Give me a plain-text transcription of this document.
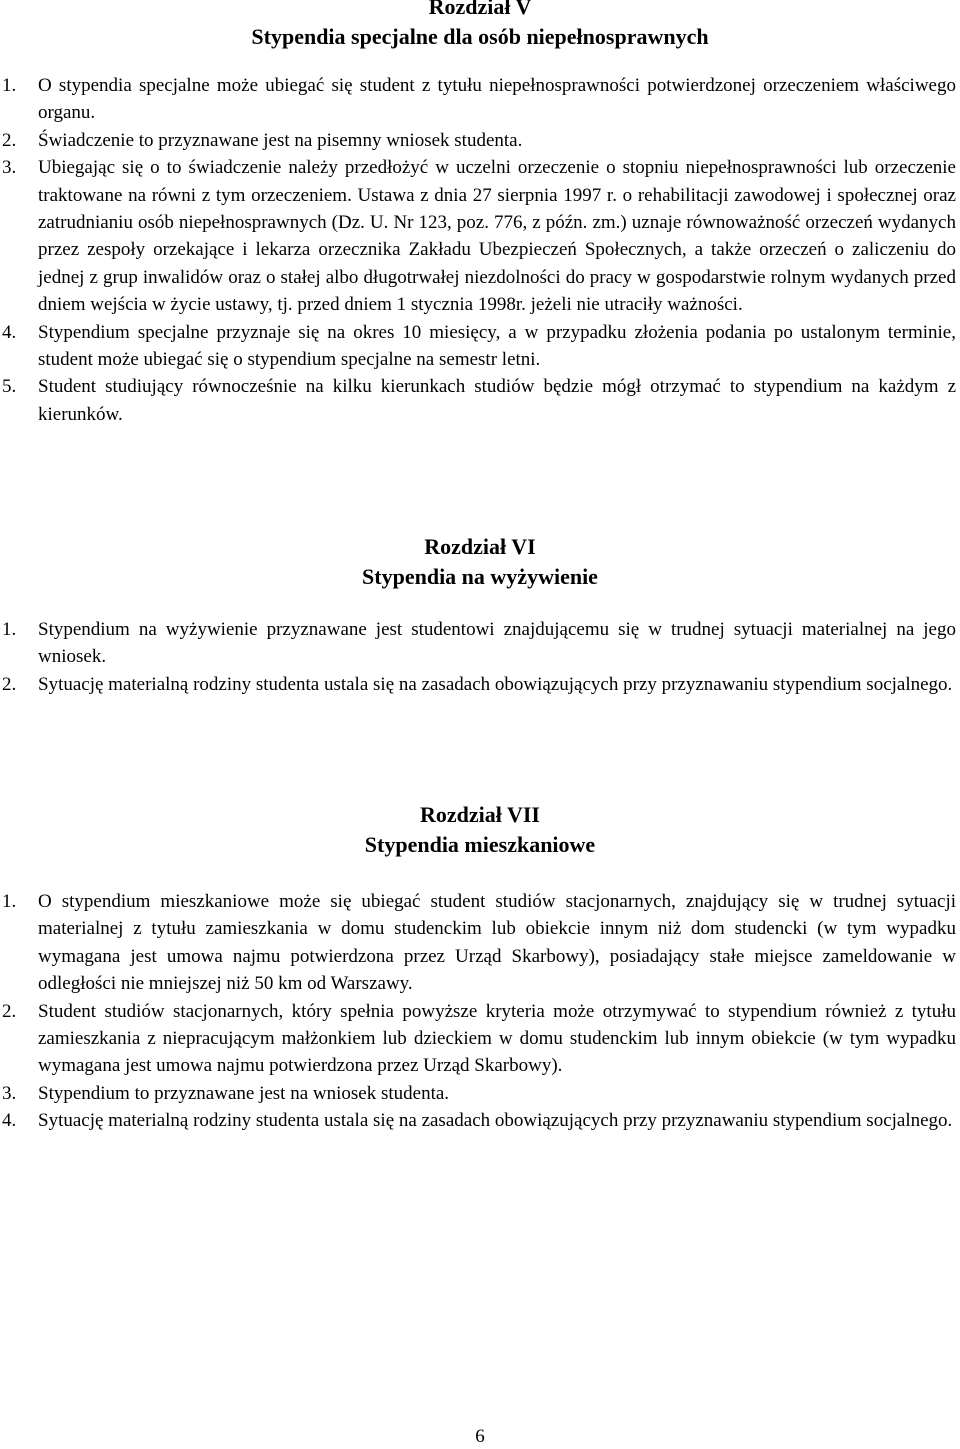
Rozdział V
Stypendia specjalne dla osób niepełnosprawnych
1. O stypendia specjalne może ubiegać się student z tytułu niepełnosprawności potwierdzonej orzeczeniem właściwego organu.
2. Świadczenie to przyznawane jest na pisemny wniosek studenta.
3. Ubiegając się o to świadczenie należy przedłożyć w uczelni orzeczenie o stopniu niepełnosprawności lub orzeczenie traktowane na równi z tym orzeczeniem. Ustawa z dnia 27 sierpnia 1997 r. o rehabilitacji zawodowej i społecznej oraz zatrudnianiu osób niepełnosprawnych (Dz. U. Nr 123, poz. 776, z późn. zm.) uznaje równoważność orzeczeń wydanych przez zespoły orzekające i lekarza orzecznika Zakładu Ubezpieczeń Społecznych, a także orzeczeń o zaliczeniu do jednej z grup inwalidów oraz o stałej albo długotrwałej niezdolności do pracy w gospodarstwie rolnym wydanych przed dniem wejścia w życie ustawy, tj. przed dniem 1 stycznia 1998r. jeżeli nie utraciły ważności.
4. Stypendium specjalne przyznaje się na okres 10 miesięcy, a w przypadku złożenia podania po ustalonym terminie, student może ubiegać się o stypendium specjalne na semestr letni.
5. Student studiujący równocześnie na kilku kierunkach studiów będzie mógł otrzymać to stypendium na każdym z kierunków.
Rozdział VI
Stypendia na wyżywienie
1. Stypendium na wyżywienie przyznawane jest studentowi znajdującemu się w trudnej sytuacji materialnej na jego wniosek.
2. Sytuację materialną rodziny studenta ustala się na zasadach obowiązujących przy przyznawaniu stypendium socjalnego.
Rozdział VII
Stypendia mieszkaniowe
1. O stypendium mieszkaniowe może się ubiegać student studiów stacjonarnych, znajdujący się w trudnej sytuacji materialnej z tytułu zamieszkania w domu studenckim lub obiekcie innym niż dom studencki (w tym wypadku wymagana jest umowa najmu potwierdzona przez Urząd Skarbowy), posiadający stałe miejsce zameldowanie w odległości nie mniejszej niż 50 km od Warszawy.
2. Student studiów stacjonarnych, który spełnia powyższe kryteria może otrzymywać to stypendium również z tytułu zamieszkania z niepracującym małżonkiem lub dzieckiem w domu studenckim lub innym obiekcie (w tym wypadku wymagana jest umowa najmu potwierdzona przez Urząd Skarbowy).
3. Stypendium to przyznawane jest na wniosek studenta.
4. Sytuację materialną rodziny studenta ustala się na zasadach obowiązujących przy przyznawaniu stypendium socjalnego.
6
